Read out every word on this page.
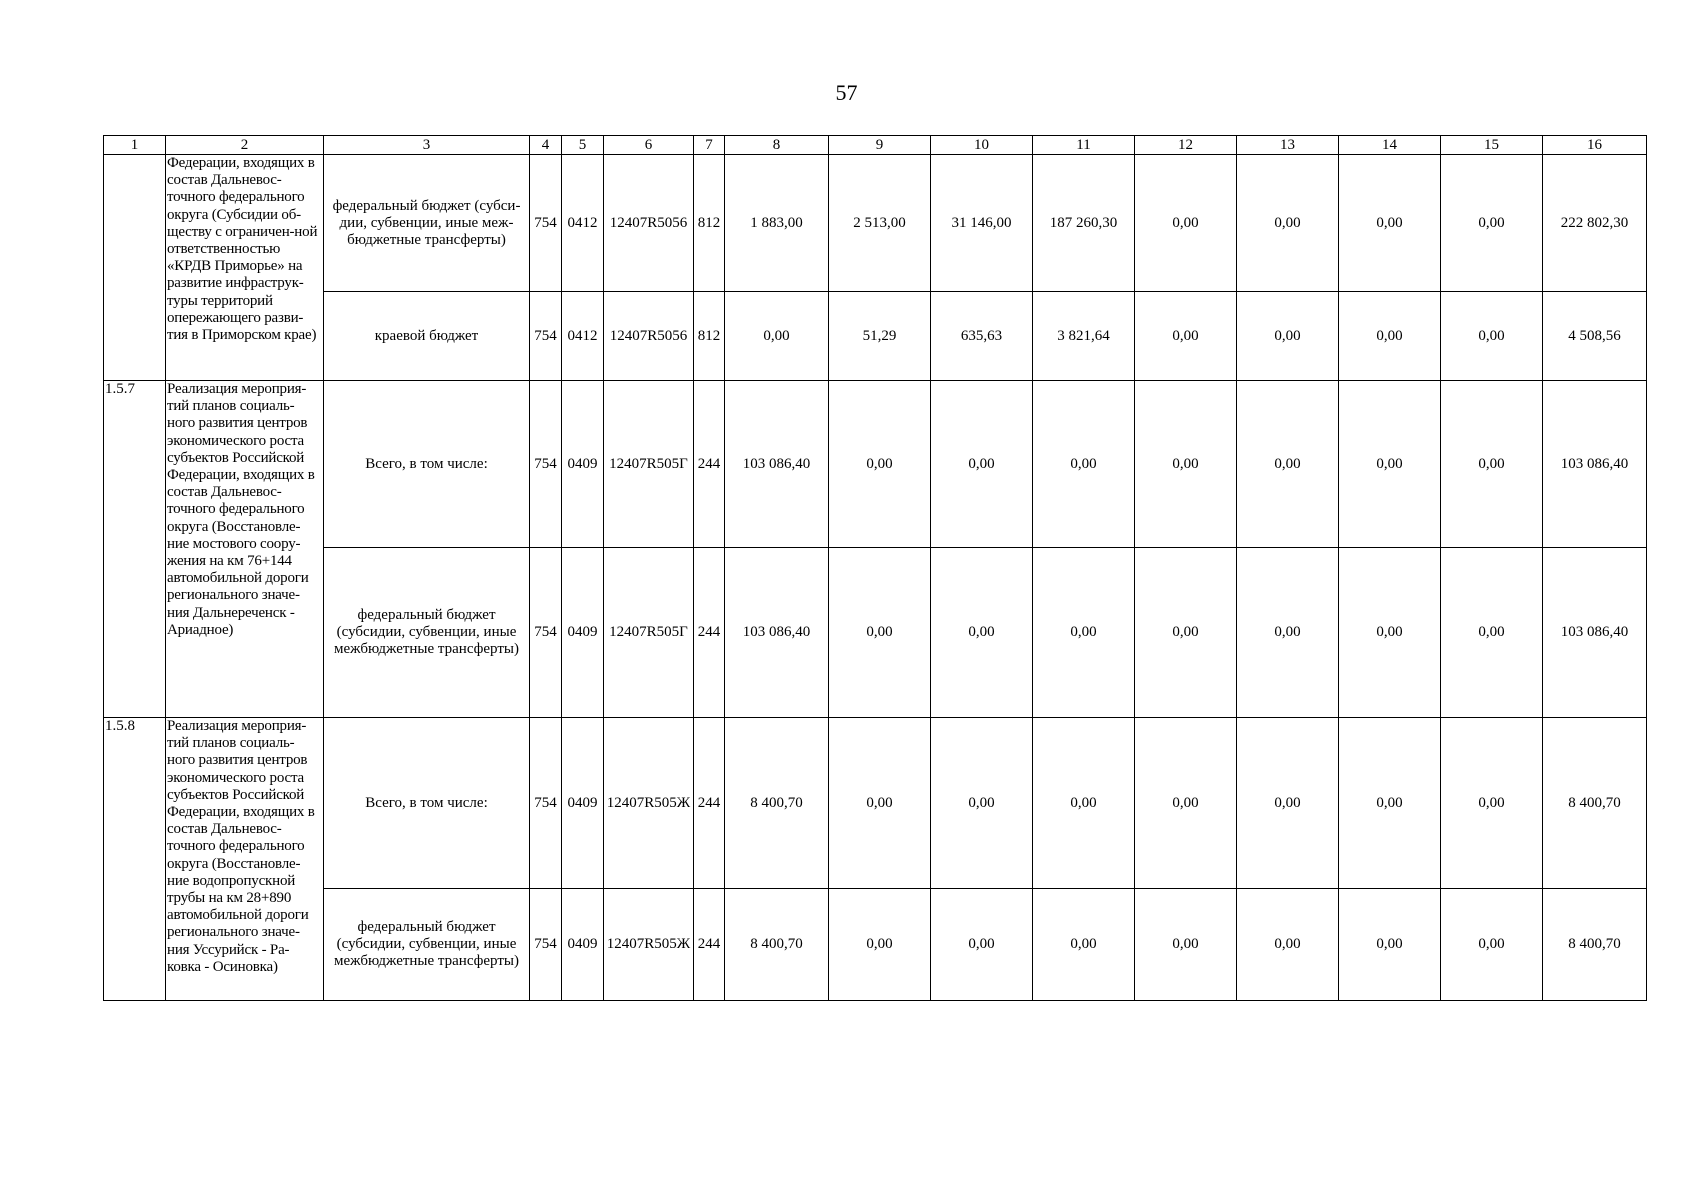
57
1	2	3	4	5	6	7	8	9	10	11	12	13	14	15	16
	Федерации, входящих в состав Дальневос-точного федерального округа (Субсидии об-ществу с ограничен-ной ответственностью «КРДВ Приморье» на развитие инфраструк-туры территорий опережающего разви-тия в Приморском крае)	федеральный бюджет (субси-дии, субвенции, иные меж-бюджетные трансферты)	754	0412	12407R5056	812	1 883,00	2 513,00	31 146,00	187 260,30	0,00	0,00	0,00	0,00	222 802,30
		краевой бюджет	754	0412	12407R5056	812	0,00	51,29	635,63	3 821,64	0,00	0,00	0,00	0,00	4 508,56
1.5.7	Реализация мероприя-тий планов социаль-ного развития центров экономического роста субъектов Российской Федерации, входящих в состав Дальневос-точного федерального округа (Восстановле-ние мостового соору-жения на км 76+144 автомобильной дороги регионального значе-ния Дальнереченск - Ариадное)	Всего, в том числе:	754	0409	12407R505Г	244	103 086,40	0,00	0,00	0,00	0,00	0,00	0,00	0,00	103 086,40
		федеральный бюджет (субсидии, субвенции, иные межбюджетные трансферты)	754	0409	12407R505Г	244	103 086,40	0,00	0,00	0,00	0,00	0,00	0,00	0,00	103 086,40
1.5.8	Реализация мероприя-тий планов социаль-ного развития центров экономического роста субъектов Российской Федерации, входящих в состав Дальневос-точного федерального округа (Восстановле-ние водопропускной трубы на км 28+890 автомобильной дороги регионального значе-ния Уссурийск - Ра-ковка - Осиновка)	Всего, в том числе:	754	0409	12407R505Ж	244	8 400,70	0,00	0,00	0,00	0,00	0,00	0,00	0,00	8 400,70
		федеральный бюджет (субсидии, субвенции, иные межбюджетные трансферты)	754	0409	12407R505Ж	244	8 400,70	0,00	0,00	0,00	0,00	0,00	0,00	0,00	8 400,70
